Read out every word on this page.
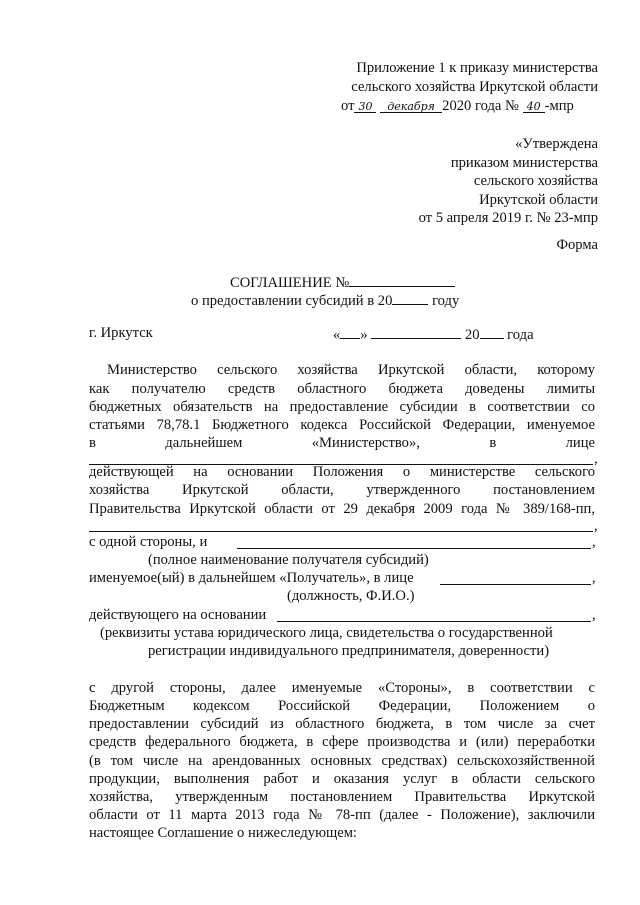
Приложение 1 к приказу министерства
сельского хозяйства Иркутской области
от 30 декабря 2020 года № 40 -мпр
«Утверждена
приказом министерства
сельского хозяйства
Иркутской области
от 5 апреля 2019 г. № 23-мпр
Форма
СОГЛАШЕНИЕ №
о предоставлении субсидий в 20	году
г. Иркутск	« »	20 года
Министерство сельского хозяйства Иркутской области, которому
как получателю средств областного бюджета доведены лимиты
бюджетных обязательств на предоставление субсидии в соответствии со
статьями 78,78.1 Бюджетного кодекса Российской Федерации, именуемое
в дальнейшем «Министерство», в лице
,
действующей на основании Положения о министерстве сельского
хозяйства Иркутской области, утвержденного постановлением
Правительства Иркутской области от 29 декабря 2009 года № 389/168-пп,
,
с одной стороны, и	,
(полное наименование получателя субсидий)
именуемое(ый) в дальнейшем «Получатель», в лице	,
(должность, Ф.И.О.)
действующего на основании	,
(реквизиты устава юридического лица, свидетельства о государственной
регистрации индивидуального предпринимателя, доверенности)
с другой стороны, далее именуемые «Стороны», в соответствии с
Бюджетным кодексом Российской Федерации, Положением о
предоставлении субсидий из областного бюджета, в том числе за счет
средств федерального бюджета, в сфере производства и (или) переработки
(в том числе на арендованных основных средствах) сельскохозяйственной
продукции, выполнения работ и оказания услуг в области сельского
хозяйства, утвержденным постановлением Правительства Иркутской
области от 11 марта 2013 года № 78-пп (далее - Положение), заключили
настоящее Соглашение о нижеследующем:
